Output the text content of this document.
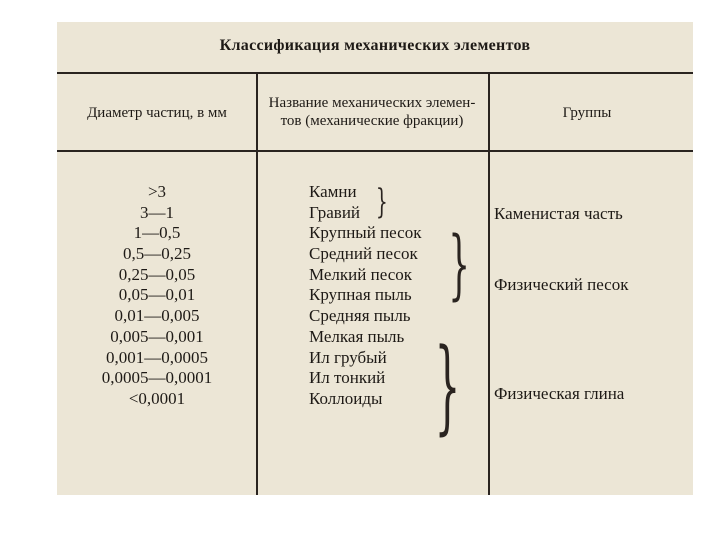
Классификация механических элементов
Диаметр частиц, в мм
Название механических элемен-
тов (механические фракции)	Группы
>3
3—1
1—0,5
0,5—0,25
0,25—0,05
0,05—0,01
0,01—0,005
0,005—0,001
0,001—0,0005
0,0005—0,0001
<0,0001
Камни
Гравий
Крупный песок
Средний песок
Мелкий песок
Крупная пыль
Средняя пыль
Мелкая пыль
Ил грубый
Ил тонкий
Коллоиды
}
}
}
Каменистая часть
Физический песок
Физическая глина
